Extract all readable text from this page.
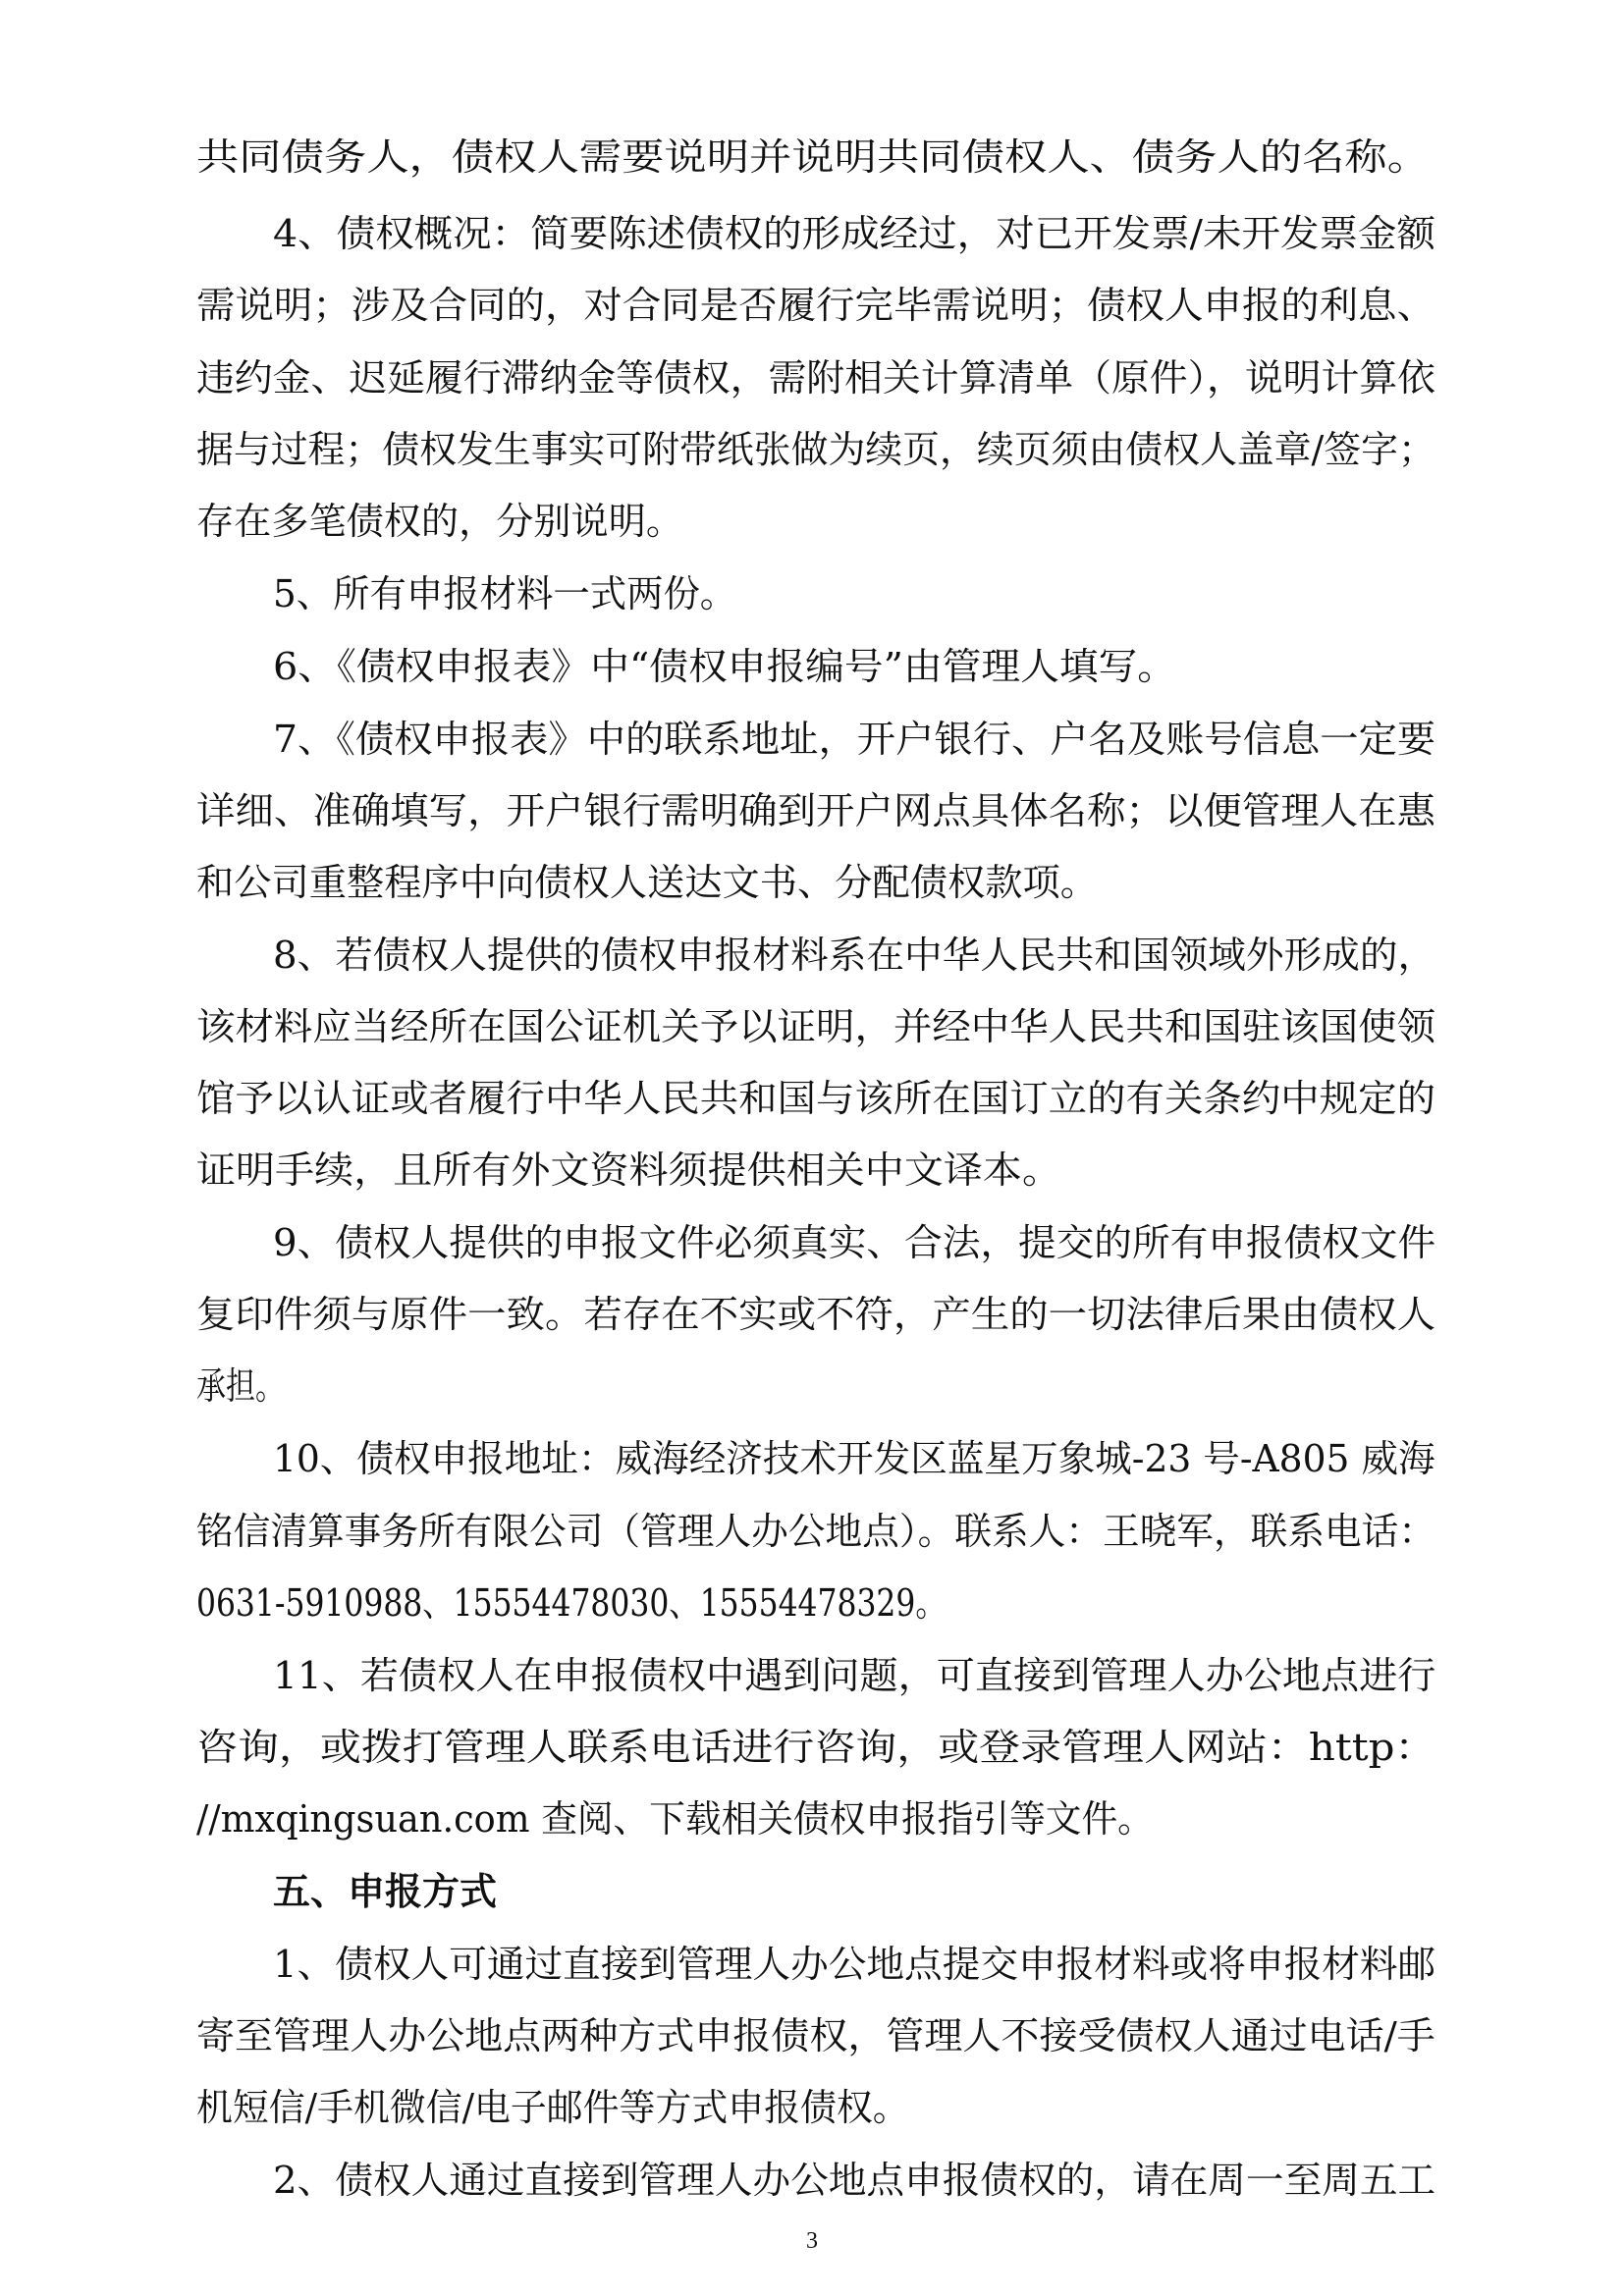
共同债务人，债权人需要说明并说明共同债权人、债务人的名称。
4、债权概况：简要陈述债权的形成经过，对已开发票/未开发票金额
需说明；涉及合同的，对合同是否履行完毕需说明；债权人申报的利息、
违约金、迟延履行滞纳金等债权，需附相关计算清单（原件），说明计算依
据与过程；债权发生事实可附带纸张做为续页，续页须由债权人盖章/签字；
存在多笔债权的，分别说明。
5、所有申报材料一式两份。
6、《债权申报表》中“债权申报编号”由管理人填写。
7、《债权申报表》中的联系地址，开户银行、户名及账号信息一定要
详细、准确填写，开户银行需明确到开户网点具体名称；以便管理人在惠
和公司重整程序中向债权人送达文书、分配债权款项。
8、若债权人提供的债权申报材料系在中华人民共和国领域外形成的，
该材料应当经所在国公证机关予以证明，并经中华人民共和国驻该国使领
馆予以认证或者履行中华人民共和国与该所在国订立的有关条约中规定的
证明手续，且所有外文资料须提供相关中文译本。
9、债权人提供的申报文件必须真实、合法，提交的所有申报债权文件
复印件须与原件一致。若存在不实或不符，产生的一切法律后果由债权人
承担。
10、债权申报地址：威海经济技术开发区蓝星万象城-23 号-A805 威海
铭信清算事务所有限公司（管理人办公地点）。联系人：王晓军，联系电话：
0631-5910988、15554478030、15554478329。
11、若债权人在申报债权中遇到问题，可直接到管理人办公地点进行
咨询，或拨打管理人联系电话进行咨询，或登录管理人网站：http：
//mxqingsuan.com 查阅、下载相关债权申报指引等文件。
五、申报方式
1、债权人可通过直接到管理人办公地点提交申报材料或将申报材料邮
寄至管理人办公地点两种方式申报债权，管理人不接受债权人通过电话/手
机短信/手机微信/电子邮件等方式申报债权。
2、债权人通过直接到管理人办公地点申报债权的，请在周一至周五工
3
